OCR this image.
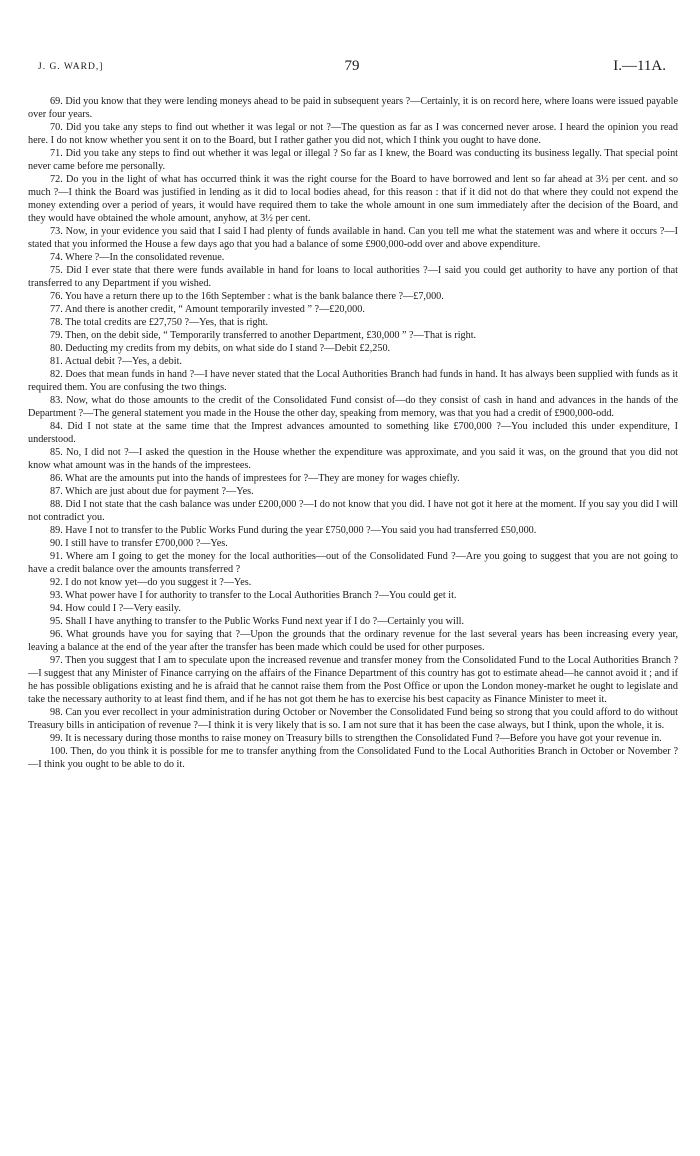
J. G. WARD,]	79	I.—11A.

69. Did you know that they were lending moneys ahead to be paid in subsequent years ?—Certainly, it is on record here, where loans were issued payable over four years.

70. Did you take any steps to find out whether it was legal or not ?—The question as far as I was concerned never arose. I heard the opinion you read here. I do not know whether you sent it on to the Board, but I rather gather you did not, which I think you ought to have done.

71. Did you take any steps to find out whether it was legal or illegal ? So far as I knew, the Board was conducting its business legally. That special point never came before me personally.

72. Do you in the light of what has occurred think it was the right course for the Board to have borrowed and lent so far ahead at 3½ per cent. and so much ?—I think the Board was justified in lending as it did to local bodies ahead, for this reason : that if it did not do that where they could not expend the money extending over a period of years, it would have required them to take the whole amount in one sum immediately after the decision of the Board, and they would have obtained the whole amount, anyhow, at 3½ per cent.

73. Now, in your evidence you said that I said I had plenty of funds available in hand. Can you tell me what the statement was and where it occurs ?—I stated that you informed the House a few days ago that you had a balance of some £900,000-odd over and above expenditure.

74. Where ?—In the consolidated revenue.

75. Did I ever state that there were funds available in hand for loans to local authorities ?—I said you could get authority to have any portion of that transferred to any Department if you wished.

76. You have a return there up to the 16th September : what is the bank balance there ?—£7,000.

77. And there is another credit, “ Amount temporarily invested ” ?—£20,000.

78. The total credits are £27,750 ?—Yes, that is right.

79. Then, on the debit side, “ Temporarily transferred to another Department, £30,000 ” ?—That is right.

80. Deducting my credits from my debits, on what side do I stand ?—Debit £2,250.

81. Actual debit ?—Yes, a debit.

82. Does that mean funds in hand ?—I have never stated that the Local Authorities Branch had funds in hand. It has always been supplied with funds as it required them. You are confusing the two things.

83. Now, what do those amounts to the credit of the Consolidated Fund consist of—do they consist of cash in hand and advances in the hands of the Department ?—The general statement you made in the House the other day, speaking from memory, was that you had a credit of £900,000-odd.

84. Did I not state at the same time that the Imprest advances amounted to something like £700,000 ?—You included this under expenditure, I understood.

85. No, I did not ?—I asked the question in the House whether the expenditure was approximate, and you said it was, on the ground that you did not know what amount was in the hands of the imprestees.

86. What are the amounts put into the hands of imprestees for ?—They are money for wages chiefly.

87. Which are just about due for payment ?—Yes.

88. Did I not state that the cash balance was under £200,000 ?—I do not know that you did. I have not got it here at the moment. If you say you did I will not contradict you.

89. Have I not to transfer to the Public Works Fund during the year £750,000 ?—You said you had transferred £50,000.

90. I still have to transfer £700,000 ?—Yes.

91. Where am I going to get the money for the local authorities—out of the Consolidated Fund ?—Are you going to suggest that you are not going to have a credit balance over the amounts transferred ?

92. I do not know yet—do you suggest it ?—Yes.

93. What power have I for authority to transfer to the Local Authorities Branch ?—You could get it.

94. How could I ?—Very easily.

95. Shall I have anything to transfer to the Public Works Fund next year if I do ?—Certainly you will.

96. What grounds have you for saying that ?—Upon the grounds that the ordinary revenue for the last several years has been increasing every year, leaving a balance at the end of the year after the transfer has been made which could be used for other purposes.

97. Then you suggest that I am to speculate upon the increased revenue and transfer money from the Consolidated Fund to the Local Authorities Branch ?—I suggest that any Minister of Finance carrying on the affairs of the Finance Department of this country has got to estimate ahead—he cannot avoid it ; and if he has possible obligations existing and he is afraid that he cannot raise them from the Post Office or upon the London money-market he ought to legislate and take the necessary authority to at least find them, and if he has not got them he has to exercise his best capacity as Finance Minister to meet it.

98. Can you ever recollect in your administration during October or November the Consolidated Fund being so strong that you could afford to do without Treasury bills in anticipation of revenue ?—I think it is very likely that is so. I am not sure that it has been the case always, but I think, upon the whole, it is.

99. It is necessary during those months to raise money on Treasury bills to strengthen the Consolidated Fund ?—Before you have got your revenue in.

100. Then, do you think it is possible for me to transfer anything from the Consolidated Fund to the Local Authorities Branch in October or November ?—I think you ought to be able to do it.
